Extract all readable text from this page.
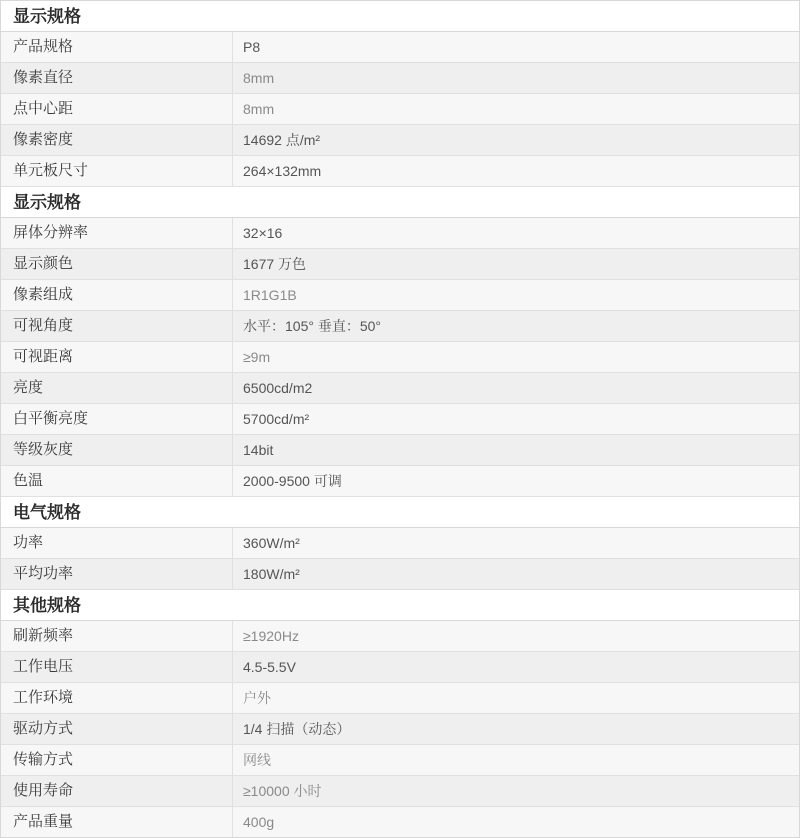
显示规格
产品规格	P8
像素直径	8mm
点中心距	8mm
像素密度	14692 点/m²
单元板尺寸	264×132mm
显示规格
屏体分辨率	32×16
显示颜色	1677 万色
像素组成	1R1G1B
可视角度	水平：105° 垂直：50°
可视距离	≥9m
亮度	6500cd/m2
白平衡亮度	5700cd/m²
等级灰度	14bit
色温	2000-9500 可调
电气规格
功率	360W/m²
平均功率	180W/m²
其他规格
刷新频率	≥1920Hz
工作电压	4.5-5.5V
工作环境	户外
驱动方式	1/4 扫描（动态）
传输方式	网线
使用寿命	≥10000 小时
产品重量	400g
